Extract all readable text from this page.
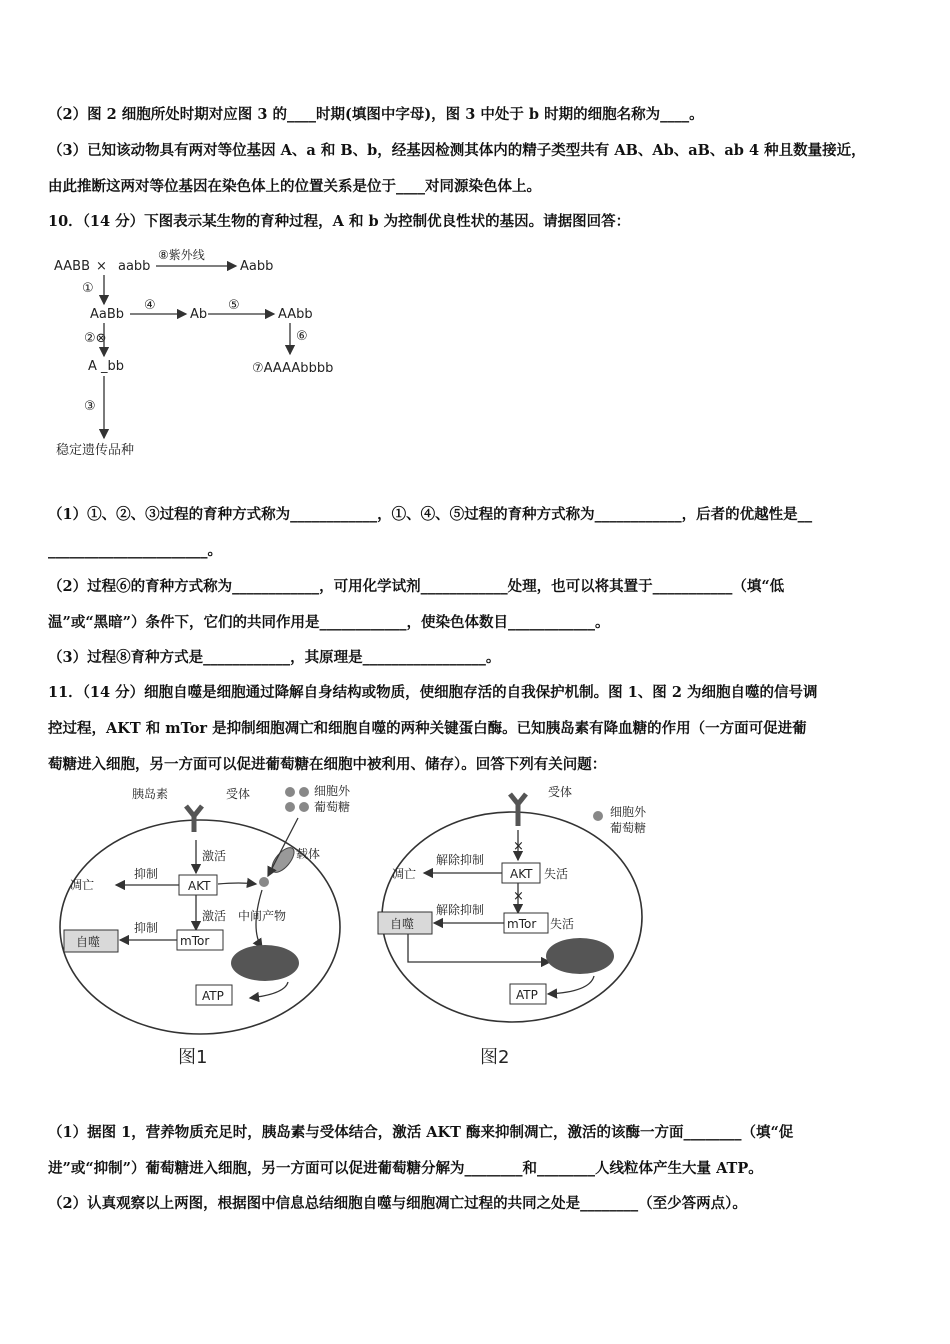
（2）图 2 细胞所处时期对应图 3 的____时期(填图中字母)，图 3 中处于 b 时期的细胞名称为____。
（3）已知该动物具有两对等位基因 A、a 和 B、b，经基因检测其体内的精子类型共有 AB、Ab、aB、ab 4 种且数量接近，
由此推断这两对等位基因在染色体上的位置关系是位于____对同源染色体上。
10．（14 分）下图表示某生物的育种过程，A 和 b 为控制优良性状的基因。请据图回答：
AABB × aabb
⑧紫外线
Aabb
①
AaBb
④
Ab
⑤
AAbb
②⊗	⑥
A _bb	⑦AAAAbbbb
③
稳定遗传品种
（1）①、②、③过程的育种方式称为____________，①、④、⑤过程的育种方式称为____________，后者的优越性是__
______________________。
（2）过程⑥的育种方式称为____________，可用化学试剂____________处理，也可以将其置于___________（填“低
温”或“黑暗”）条件下，它们的共同作用是____________，使染色体数目____________。
（3）过程⑧育种方式是____________，其原理是_________________。
11．（14 分）细胞自噬是细胞通过降解自身结构或物质，使细胞存活的自我保护机制。图 1、图 2 为细胞自噬的信号调
控过程，AKT 和 mTor 是抑制细胞凋亡和细胞自噬的两种关键蛋白酶。已知胰岛素有降血糖的作用（一方面可促进葡
萄糖进入细胞，另一方面可以促进葡萄糖在细胞中被利用、储存）。回答下列有关问题：
胰岛素	受体	细胞外
葡萄糖
载体
激活
抑制
凋亡	AKT
激活 中间产物
抑制
mTor
自噬
ATP
图1
×
×
受体
细胞外
葡萄糖
解除抑制
凋亡	AKT 失活
解除抑制
自噬	mTor 失活
ATP
图2
（1）据图 1，营养物质充足时，胰岛素与受体结合，激活 AKT 酶来抑制凋亡，激活的该酶一方面________（填“促
进”或“抑制”）葡萄糖进入细胞，另一方面可以促进葡萄糖分解为________和________人线粒体产生大量 ATP。
（2）认真观察以上两图，根据图中信息总结细胞自噬与细胞凋亡过程的共同之处是________（至少答两点）。
